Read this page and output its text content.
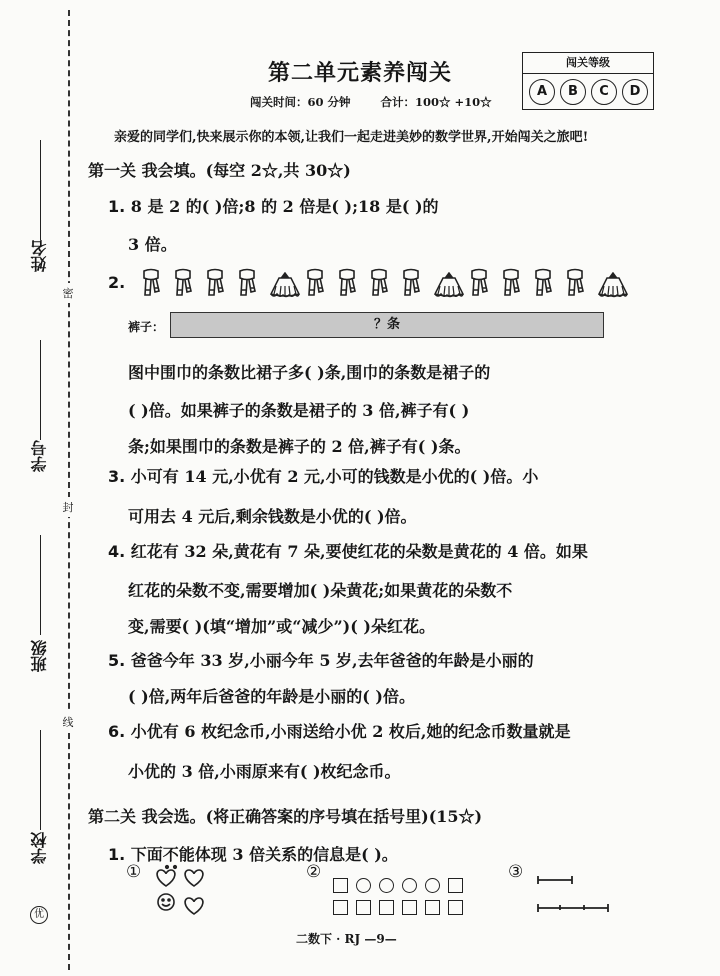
姓名
学号
班级
学校
密
封
线
优
第二单元素养闯关
闯关时间：60 分钟	合计：100☆ +10☆
闯关等级
A	B	C	D
亲爱的同学们,快来展示你的本领,让我们一起走进美妙的数学世界,开始闯关之旅吧!
第一关 我会填。(每空 2☆,共 30☆)
1. 8 是 2 的( )倍;8 的 2 倍是( );18 是( )的
3 倍。
2.
裤子：	？条
图中围巾的条数比裙子多( )条,围巾的条数是裙子的
( )倍。如果裤子的条数是裙子的 3 倍,裤子有( )
条;如果围巾的条数是裤子的 2 倍,裤子有( )条。
3. 小可有 14 元,小优有 2 元,小可的钱数是小优的( )倍。小
可用去 4 元后,剩余钱数是小优的( )倍。
4. 红花有 32 朵,黄花有 7 朵,要使红花的朵数是黄花的 4 倍。如果
红花的朵数不变,需要增加( )朵黄花;如果黄花的朵数不
变,需要( )(填“增加”或“减少”)( )朵红花。
5. 爸爸今年 33 岁,小丽今年 5 岁,去年爸爸的年龄是小丽的
( )倍,两年后爸爸的年龄是小丽的( )倍。
6. 小优有 6 枚纪念币,小雨送给小优 2 枚后,她的纪念币数量就是
小优的 3 倍,小雨原来有( )枚纪念币。
第二关 我会选。(将正确答案的序号填在括号里)(15☆)
1. 下面不能体现 3 倍关系的信息是( )。
①	②	③
二数下 · RJ —9—
